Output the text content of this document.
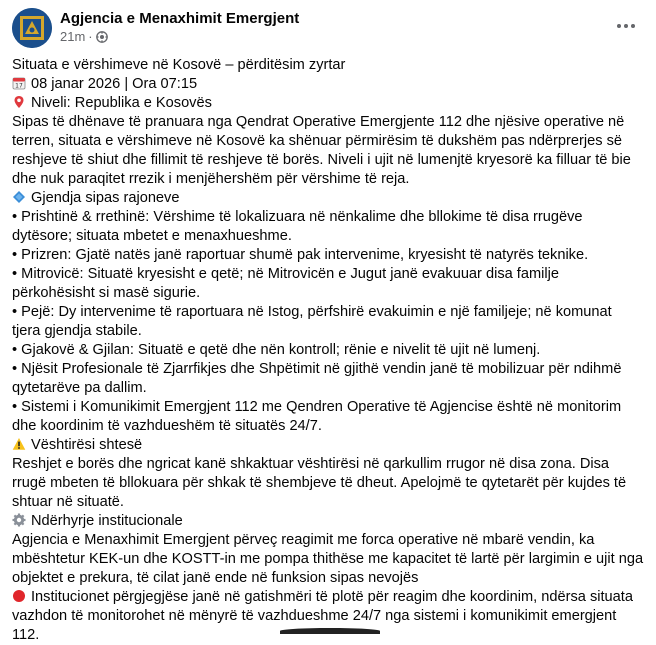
Agjencia e Menaxhimit Emergjent
21m ·
Situata e vërshimeve në Kosovë – përditësim zyrtar
17 08 janar 2026 | Ora 07:15
Niveli: Republika e Kosovës
Sipas të dhënave të pranuara nga Qendrat Operative Emergjente 112 dhe njësive operative në terren, situata e vërshimeve në Kosovë ka shënuar përmirësim të dukshëm pas ndërprerjes së reshjeve të shiut dhe fillimit të reshjeve të borës. Niveli i ujit në lumenjtë kryesorë ka filluar të bie dhe nuk paraqitet rrezik i menjëhershëm për vërshime të reja.
Gjendja sipas rajoneve
• Prishtinë & rrethinë: Vërshime të lokalizuara në nënkalime dhe bllokime të disa rrugëve dytësore; situata mbetet e menaxhueshme.
• Prizren: Gjatë natës janë raportuar shumë pak intervenime, kryesisht të natyrës teknike.
• Mitrovicë: Situatë kryesisht e qetë; në Mitrovicën e Jugut janë evakuuar disa familje përkohësisht si masë sigurie.
• Pejë: Dy intervenime të raportuara në Istog, përfshirë evakuimin e një familjeje; në komunat tjera gjendja stabile.
• Gjakovë & Gjilan: Situatë e qetë dhe nën kontroll; rënie e nivelit të ujit në lumenj.
• Njësit Profesionale të Zjarrfikjes dhe Shpëtimit në gjithë vendin janë të mobilizuar për ndihmë qytetarëve pa dallim.
• Sistemi i Komunikimit Emergjent 112 me Qendren Operative të Agjencise është në monitorim dhe koordinim të vazhdueshëm të situatës 24/7.
Vështirësi shtesë
Reshjet e borës dhe ngricat kanë shkaktuar vështirësi në qarkullim rrugor në disa zona. Disa rrugë mbeten të bllokuara për shkak të shembjeve të dheut. Apelojmë te qytetarët për kujdes të shtuar në situatë.
Ndërhyrje institucionale
Agjencia e Menaxhimit Emergjent përveç reagimit me forca operative në mbarë vendin, ka mbështetur KEK-un dhe KOSTT-in me pompa thithëse me kapacitet të lartë për largimin e ujit nga objektet e prekura, të cilat janë ende në funksion sipas nevojës
Institucionet përgjegjëse janë në gatishmëri të plotë për reagim dhe koordinim, ndërsa situata vazhdon të monitorohet në mënyrë të vazhdueshme 24/7 nga sistemi i komunikimit emergjent 112.
